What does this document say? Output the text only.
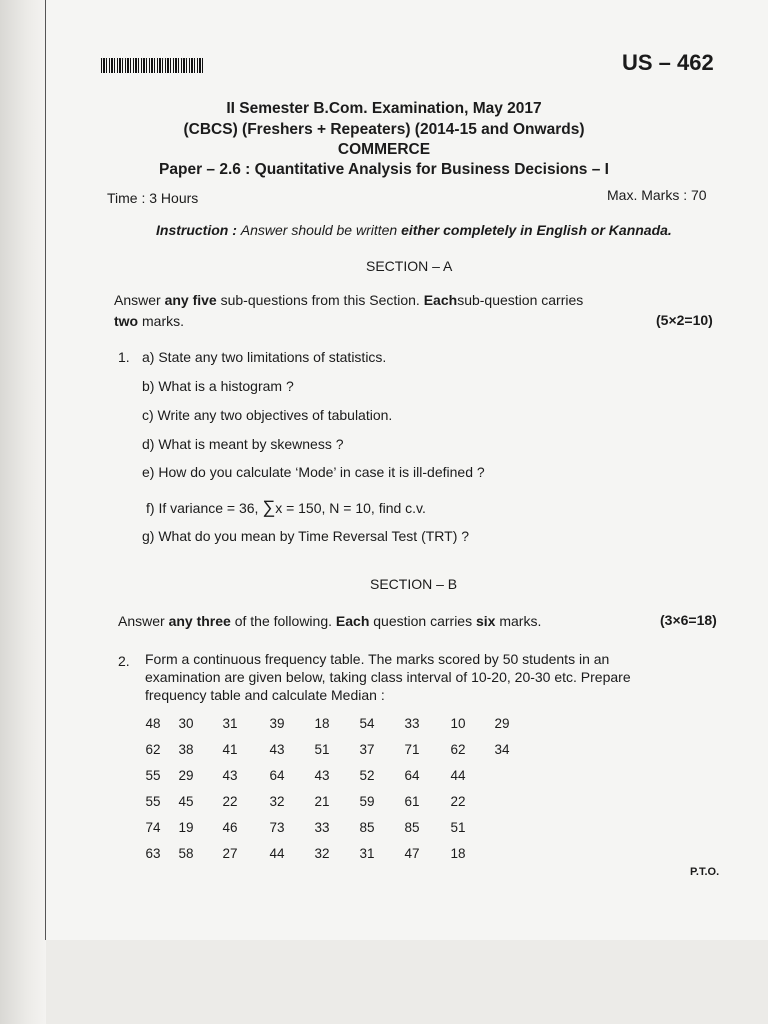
US – 462
II Semester B.Com. Examination, May 2017
(CBCS) (Freshers + Repeaters) (2014-15 and Onwards)
COMMERCE
Paper – 2.6 : Quantitative Analysis for Business Decisions – I
Time : 3 Hours	Max. Marks : 70
Instruction : Answer should be written either completely in English or Kannada.
SECTION – A
Answer any five sub-questions from this Section. Eachsub-question carries
two marks.	(5×2=10)
1. a) State any two limitations of statistics.
b) What is a histogram ?
c) Write any two objectives of tabulation.
d) What is meant by skewness ?
e) How do you calculate ‘Mode’ in case it is ill-defined ?
f) If variance = 36, ∑x = 150, N = 10, find c.v.
g) What do you mean by Time Reversal Test (TRT) ?
SECTION – B
Answer any three of the following. Each question carries six marks.	(3×6=18)
2. Form a continuous frequency table. The marks scored by 50 students in an
examination are given below, taking class interval of 10-20, 20-30 etc. Prepare
frequency table and calculate Median :
48	30	31	39	18	54	33	10	29
62	38	41	43	51	37	71	62	34
55	29	43	64	43	52	64	44
55	45	22	32	21	59	61	22
74	19	46	73	33	85	85	51
63	58	27	44	32	31	47	18
P.T.O.
